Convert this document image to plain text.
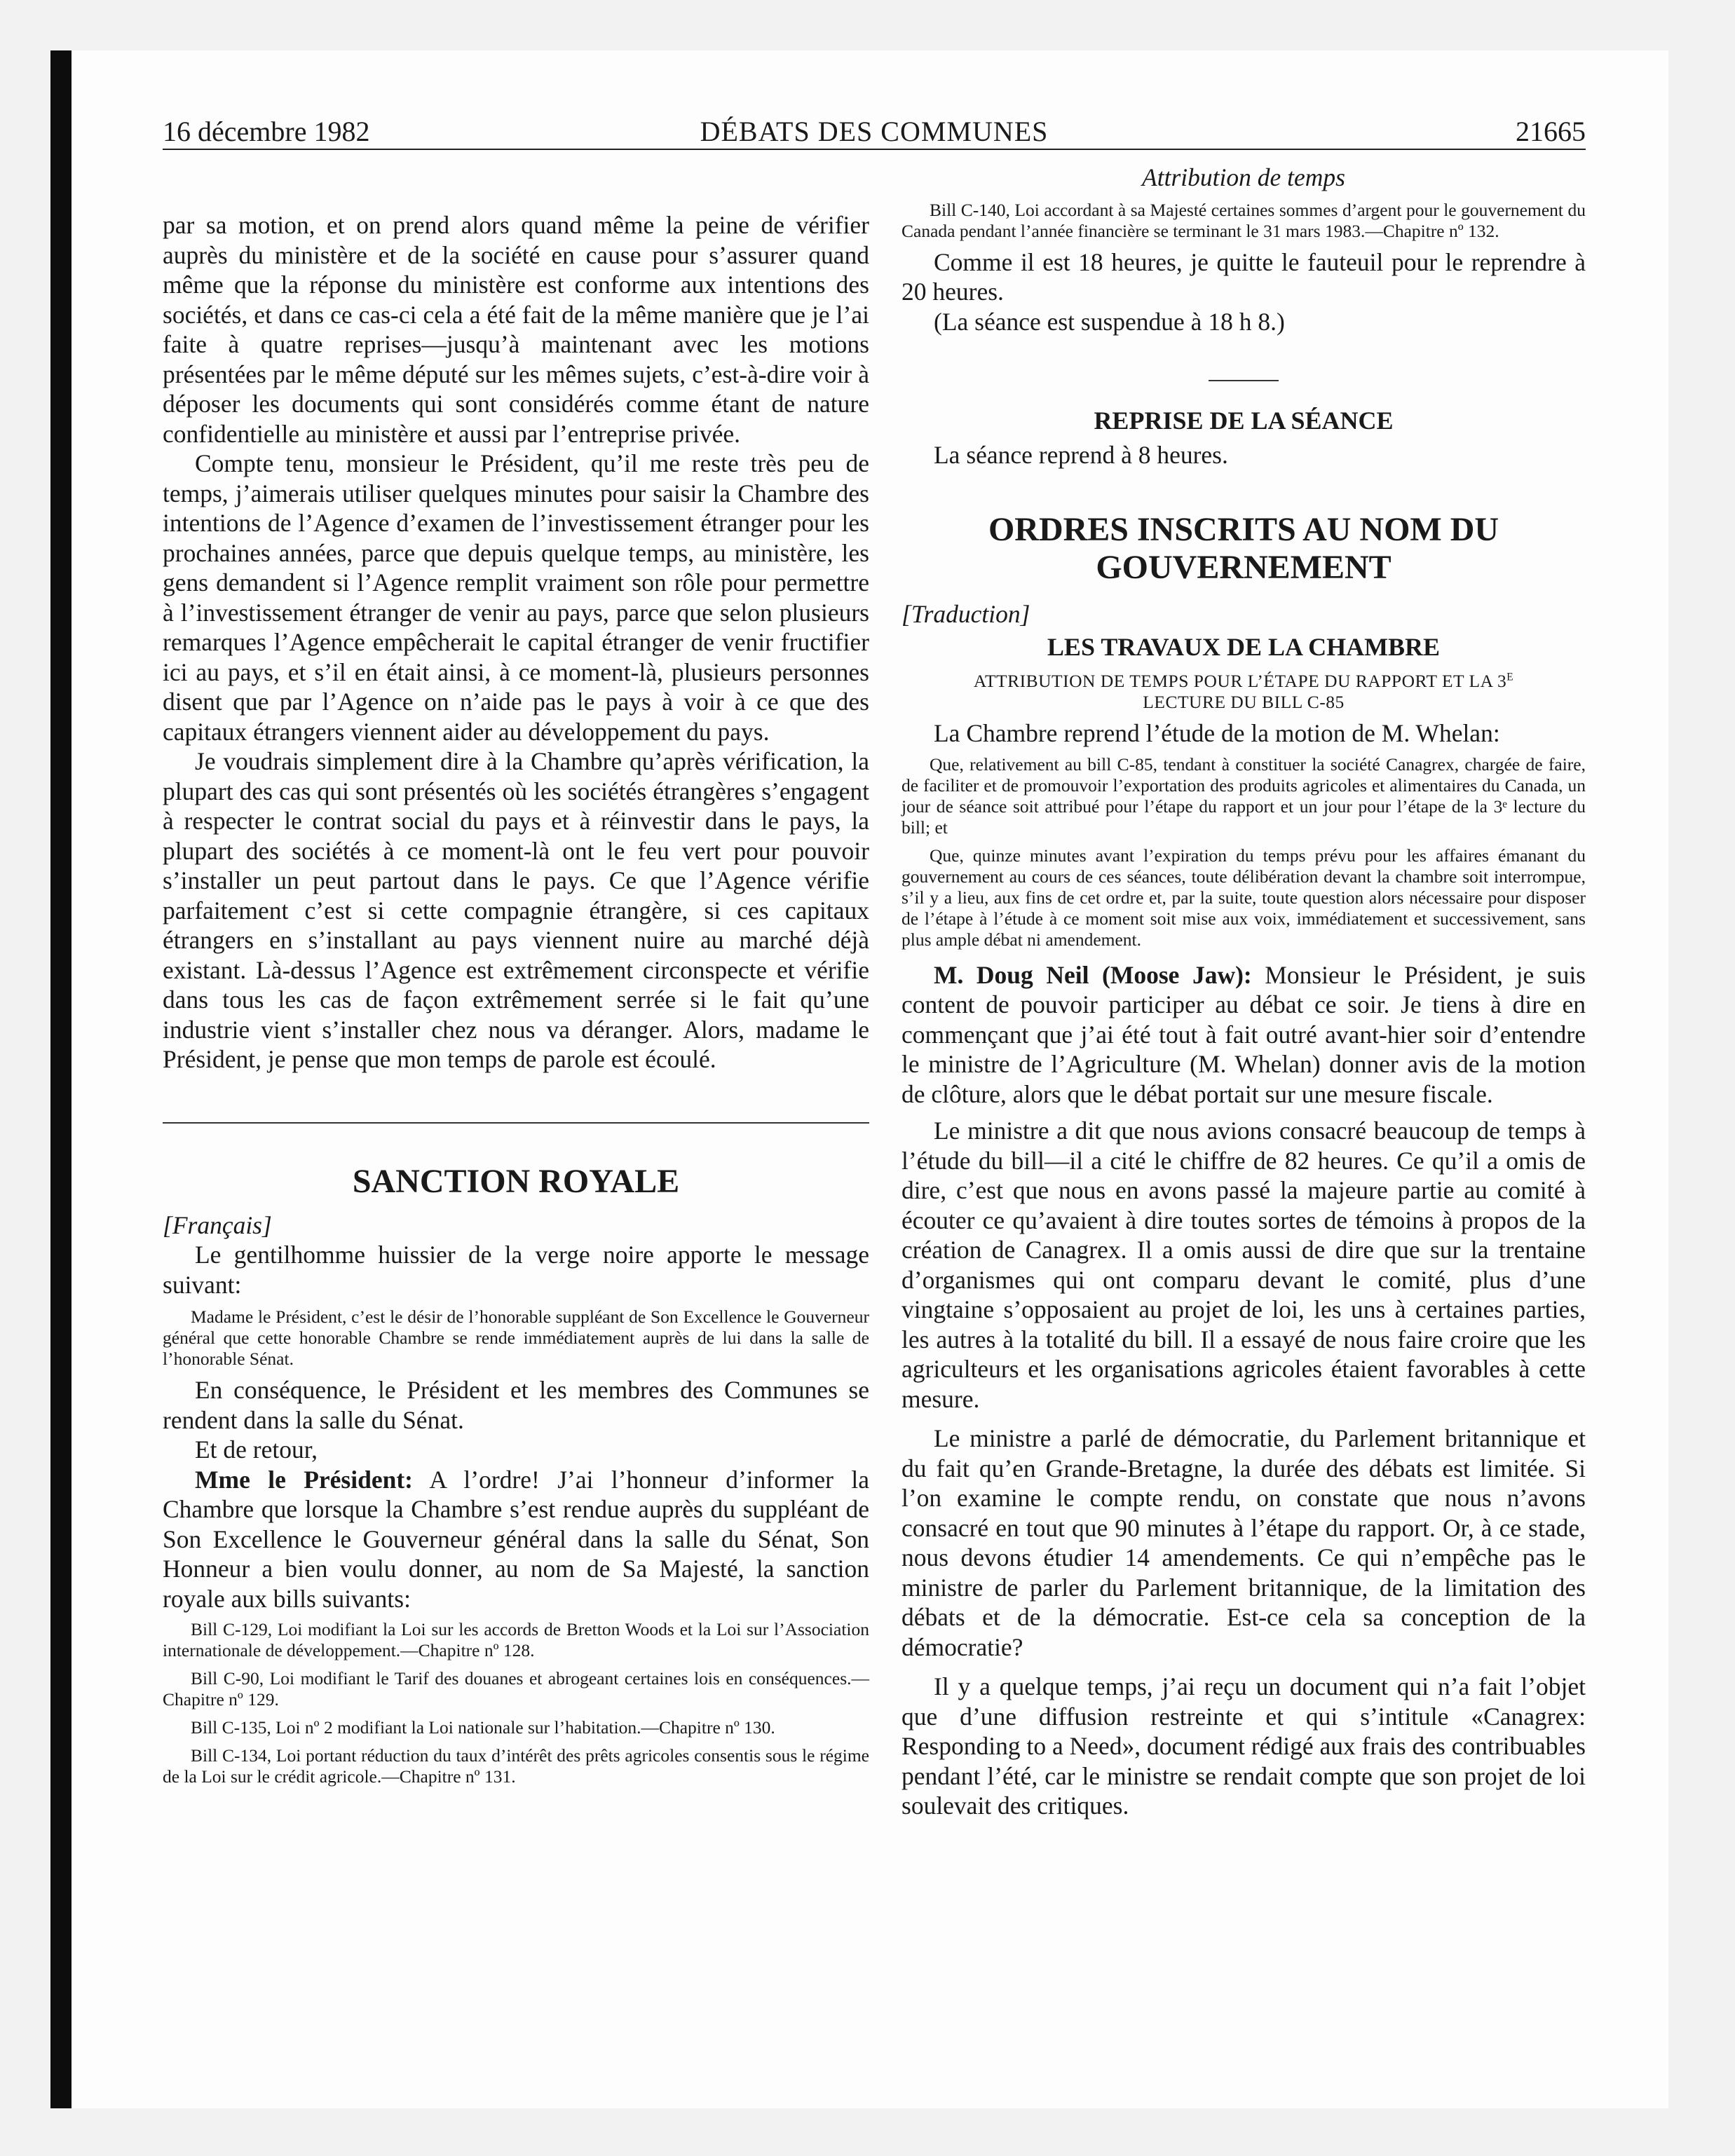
16 décembre 1982	DÉBATS DES COMMUNES	21665

par sa motion, et on prend alors quand même la peine de vérifier auprès du ministère et de la société en cause pour s’assurer quand même que la réponse du ministère est conforme aux intentions des sociétés, et dans ce cas-ci cela a été fait de la même manière que je l’ai faite à quatre reprises—jusqu’à maintenant avec les motions présentées par le même député sur les mêmes sujets, c’est-à-dire voir à déposer les documents qui sont considérés comme étant de nature confidentielle au ministère et aussi par l’entreprise privée.

Compte tenu, monsieur le Président, qu’il me reste très peu de temps, j’aimerais utiliser quelques minutes pour saisir la Chambre des intentions de l’Agence d’examen de l’investissement étranger pour les prochaines années, parce que depuis quelque temps, au ministère, les gens demandent si l’Agence remplit vraiment son rôle pour permettre à l’investissement étranger de venir au pays, parce que selon plusieurs remarques l’Agence empêcherait le capital étranger de venir fructifier ici au pays, et s’il en était ainsi, à ce moment-là, plusieurs personnes disent que par l’Agence on n’aide pas le pays à voir à ce que des capitaux étrangers viennent aider au développement du pays.

Je voudrais simplement dire à la Chambre qu’après vérification, la plupart des cas qui sont présentés où les sociétés étrangères s’engagent à respecter le contrat social du pays et à réinvestir dans le pays, la plupart des sociétés à ce moment-là ont le feu vert pour pouvoir s’installer un peut partout dans le pays. Ce que l’Agence vérifie parfaitement c’est si cette compagnie étrangère, si ces capitaux étrangers en s’installant au pays viennent nuire au marché déjà existant. Là-dessus l’Agence est extrêmement circonspecte et vérifie dans tous les cas de façon extrêmement serrée si le fait qu’une industrie vient s’installer chez nous va déranger. Alors, madame le Président, je pense que mon temps de parole est écoulé.

SANCTION ROYALE

[Français]

Le gentilhomme huissier de la verge noire apporte le message suivant:

Madame le Président, c’est le désir de l’honorable suppléant de Son Excellence le Gouverneur général que cette honorable Chambre se rende immédiatement auprès de lui dans la salle de l’honorable Sénat.

En conséquence, le Président et les membres des Communes se rendent dans la salle du Sénat.

Et de retour,

Mme le Président: A l’ordre! J’ai l’honneur d’informer la Chambre que lorsque la Chambre s’est rendue auprès du suppléant de Son Excellence le Gouverneur général dans la salle du Sénat, Son Honneur a bien voulu donner, au nom de Sa Majesté, la sanction royale aux bills suivants:

Bill C-129, Loi modifiant la Loi sur les accords de Bretton Woods et la Loi sur l’Association internationale de développement.—Chapitre nº 128.

Bill C-90, Loi modifiant le Tarif des douanes et abrogeant certaines lois en conséquences.—Chapitre nº 129.

Bill C-135, Loi nº 2 modifiant la Loi nationale sur l’habitation.—Chapitre nº 130.

Bill C-134, Loi portant réduction du taux d’intérêt des prêts agricoles consentis sous le régime de la Loi sur le crédit agricole.—Chapitre nº 131.

Attribution de temps

Bill C-140, Loi accordant à sa Majesté certaines sommes d’argent pour le gouvernement du Canada pendant l’année financière se terminant le 31 mars 1983.—Chapitre nº 132.

Comme il est 18 heures, je quitte le fauteuil pour le reprendre à 20 heures.

(La séance est suspendue à 18 h 8.)

REPRISE DE LA SÉANCE

La séance reprend à 8 heures.

ORDRES INSCRITS AU NOM DU

GOUVERNEMENT

[Traduction]

LES TRAVAUX DE LA CHAMBRE

ATTRIBUTION DE TEMPS POUR L’ÉTAPE DU RAPPORT ET LA $3^E$

LECTURE DU BILL C-85

La Chambre reprend l’étude de la motion de M. Whelan:

Que, relativement au bill C-85, tendant à constituer la société Canagrex, chargée de faire, de faciliter et de promouvoir l’exportation des produits agricoles et alimentaires du Canada, un jour de séance soit attribué pour l’étape du rapport et un jour pour l’étape de la 3ᵉ lecture du bill; et

Que, quinze minutes avant l’expiration du temps prévu pour les affaires émanant du gouvernement au cours de ces séances, toute délibération devant la chambre soit interrompue, s’il y a lieu, aux fins de cet ordre et, par la suite, toute question alors nécessaire pour disposer de l’étape à l’étude à ce moment soit mise aux voix, immédiatement et successivement, sans plus ample débat ni amendement.

M. Doug Neil (Moose Jaw): Monsieur le Président, je suis content de pouvoir participer au débat ce soir. Je tiens à dire en commençant que j’ai été tout à fait outré avant-hier soir d’entendre le ministre de l’Agriculture (M. Whelan) donner avis de la motion de clôture, alors que le débat portait sur une mesure fiscale.

Le ministre a dit que nous avions consacré beaucoup de temps à l’étude du bill—il a cité le chiffre de 82 heures. Ce qu’il a omis de dire, c’est que nous en avons passé la majeure partie au comité à écouter ce qu’avaient à dire toutes sortes de témoins à propos de la création de Canagrex. Il a omis aussi de dire que sur la trentaine d’organismes qui ont comparu devant le comité, plus d’une vingtaine s’opposaient au projet de loi, les uns à certaines parties, les autres à la totalité du bill. Il a essayé de nous faire croire que les agriculteurs et les organisations agricoles étaient favorables à cette mesure.

Le ministre a parlé de démocratie, du Parlement britannique et du fait qu’en Grande-Bretagne, la durée des débats est limitée. Si l’on examine le compte rendu, on constate que nous n’avons consacré en tout que 90 minutes à l’étape du rapport. Or, à ce stade, nous devons étudier 14 amendements. Ce qui n’empêche pas le ministre de parler du Parlement britannique, de la limitation des débats et de la démocratie. Est-ce cela sa conception de la démocratie?

Il y a quelque temps, j’ai reçu un document qui n’a fait l’objet que d’une diffusion restreinte et qui s’intitule «Canagrex: Responding to a Need», document rédigé aux frais des contribuables pendant l’été, car le ministre se rendait compte que son projet de loi soulevait des critiques.
